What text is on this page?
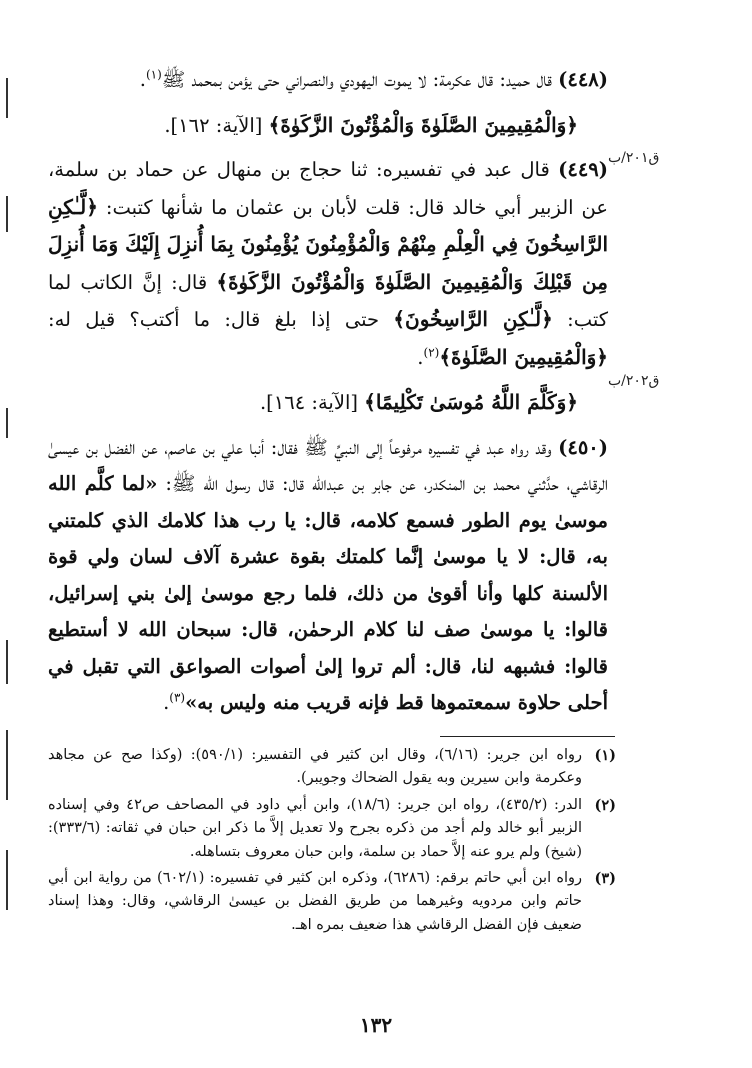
ق٢٠١/ب
ق٢٠٢/ب

(٤٤٨) قال حميد: قال عكرمة: لا يموت اليهودي والنصراني حتى يؤمن بمحمد ﷺ$^{(١)}$.

﴿وَالْمُقِيمِينَ الصَّلَوٰةَ وَالْمُؤْتُونَ الزَّكَوٰةَ﴾ [الآية: ١٦٢].

(٤٤٩) قال عبد في تفسيره: ثنا حجاج بن منهال عن حماد بن سلمة، عن الزبير أبي خالد قال: قلت لأبان بن عثمان ما شأنها كتبت: ﴿لَّـٰكِنِ الرَّاسِخُونَ فِي الْعِلْمِ مِنْهُمْ وَالْمُؤْمِنُونَ يُؤْمِنُونَ بِمَا أُنزِلَ إِلَيْكَ وَمَا أُنزِلَ مِن قَبْلِكَ وَالْمُقِيمِينَ الصَّلَوٰةَ وَالْمُؤْتُونَ الزَّكَوٰةَ﴾ قال: إنَّ الكاتب لما كتب: ﴿لَّـٰكِنِ الرَّاسِخُونَ﴾ حتى إذا بلغ قال: ما أكتب؟ قيل له: ﴿وَالْمُقِيمِينَ الصَّلَوٰةَ﴾$^{(٢)}$.

﴿وَكَلَّمَ اللَّهُ مُوسَىٰ تَكْلِيمًا﴾ [الآية: ١٦٤].

(٤٥٠) وقد رواه عبد في تفسيره مرفوعاً إلى النبيِّ ﷺ فقال: أنبا علي بن عاصم، عن الفضل بن عيسىٰ الرقاشي، حدَّثني محمد بن المنكدر، عن جابر بن عبدالله قال: قال رسول الله ﷺ: «لما كلَّم الله موسىٰ يوم الطور فسمع كلامه، قال: يا رب هذا كلامك الذي كلمتني به، قال: لا يا موسىٰ إنَّما كلمتك بقوة عشرة آلاف لسان ولي قوة الألسنة كلها وأنا أقوىٰ من ذلك، فلما رجع موسىٰ إلىٰ بني إسرائيل، قالوا: يا موسىٰ صف لنا كلام الرحمٰن، قال: سبحان الله لا أستطيع قالوا: فشبهه لنا، قال: ألم تروا إلىٰ أصوات الصواعق التي تقبل في أحلى حلاوة سمعتموها قط فإنه قريب منه وليس به»$^{(٣)}$.

(١)
رواه ابن جرير: (٦/١٦)، وقال ابن كثير في التفسير: (٥٩٠/١): (وكذا صح عن مجاهد وعكرمة وابن سيرين وبه يقول الضحاك وجويبر).
(٢)
الدر: (٤٣٥/٢)، رواه ابن جرير: (١٨/٦)، وابن أبي داود في المصاحف ص٤٢ وفي إسناده الزبير أبو خالد ولم أجد من ذكره بجرح ولا تعديل إلاَّ ما ذكر ابن حبان في ثقاته: (٣٣٣/٦): (شيخ) ولم يرو عنه إلاَّ حماد بن سلمة، وابن حبان معروف بتساهله.
(٣)
رواه ابن أبي حاتم برقم: (٦٢٨٦)، وذكره ابن كثير في تفسيره: (٦٠٢/١) من رواية ابن أبي حاتم وابن مردويه وغيرهما من طريق الفضل بن عيسىٰ الرقاشي، وقال: وهذا إسناد ضعيف فإن الفضل الرقاشي هذا ضعيف بمره اهـ.
١٣٢
